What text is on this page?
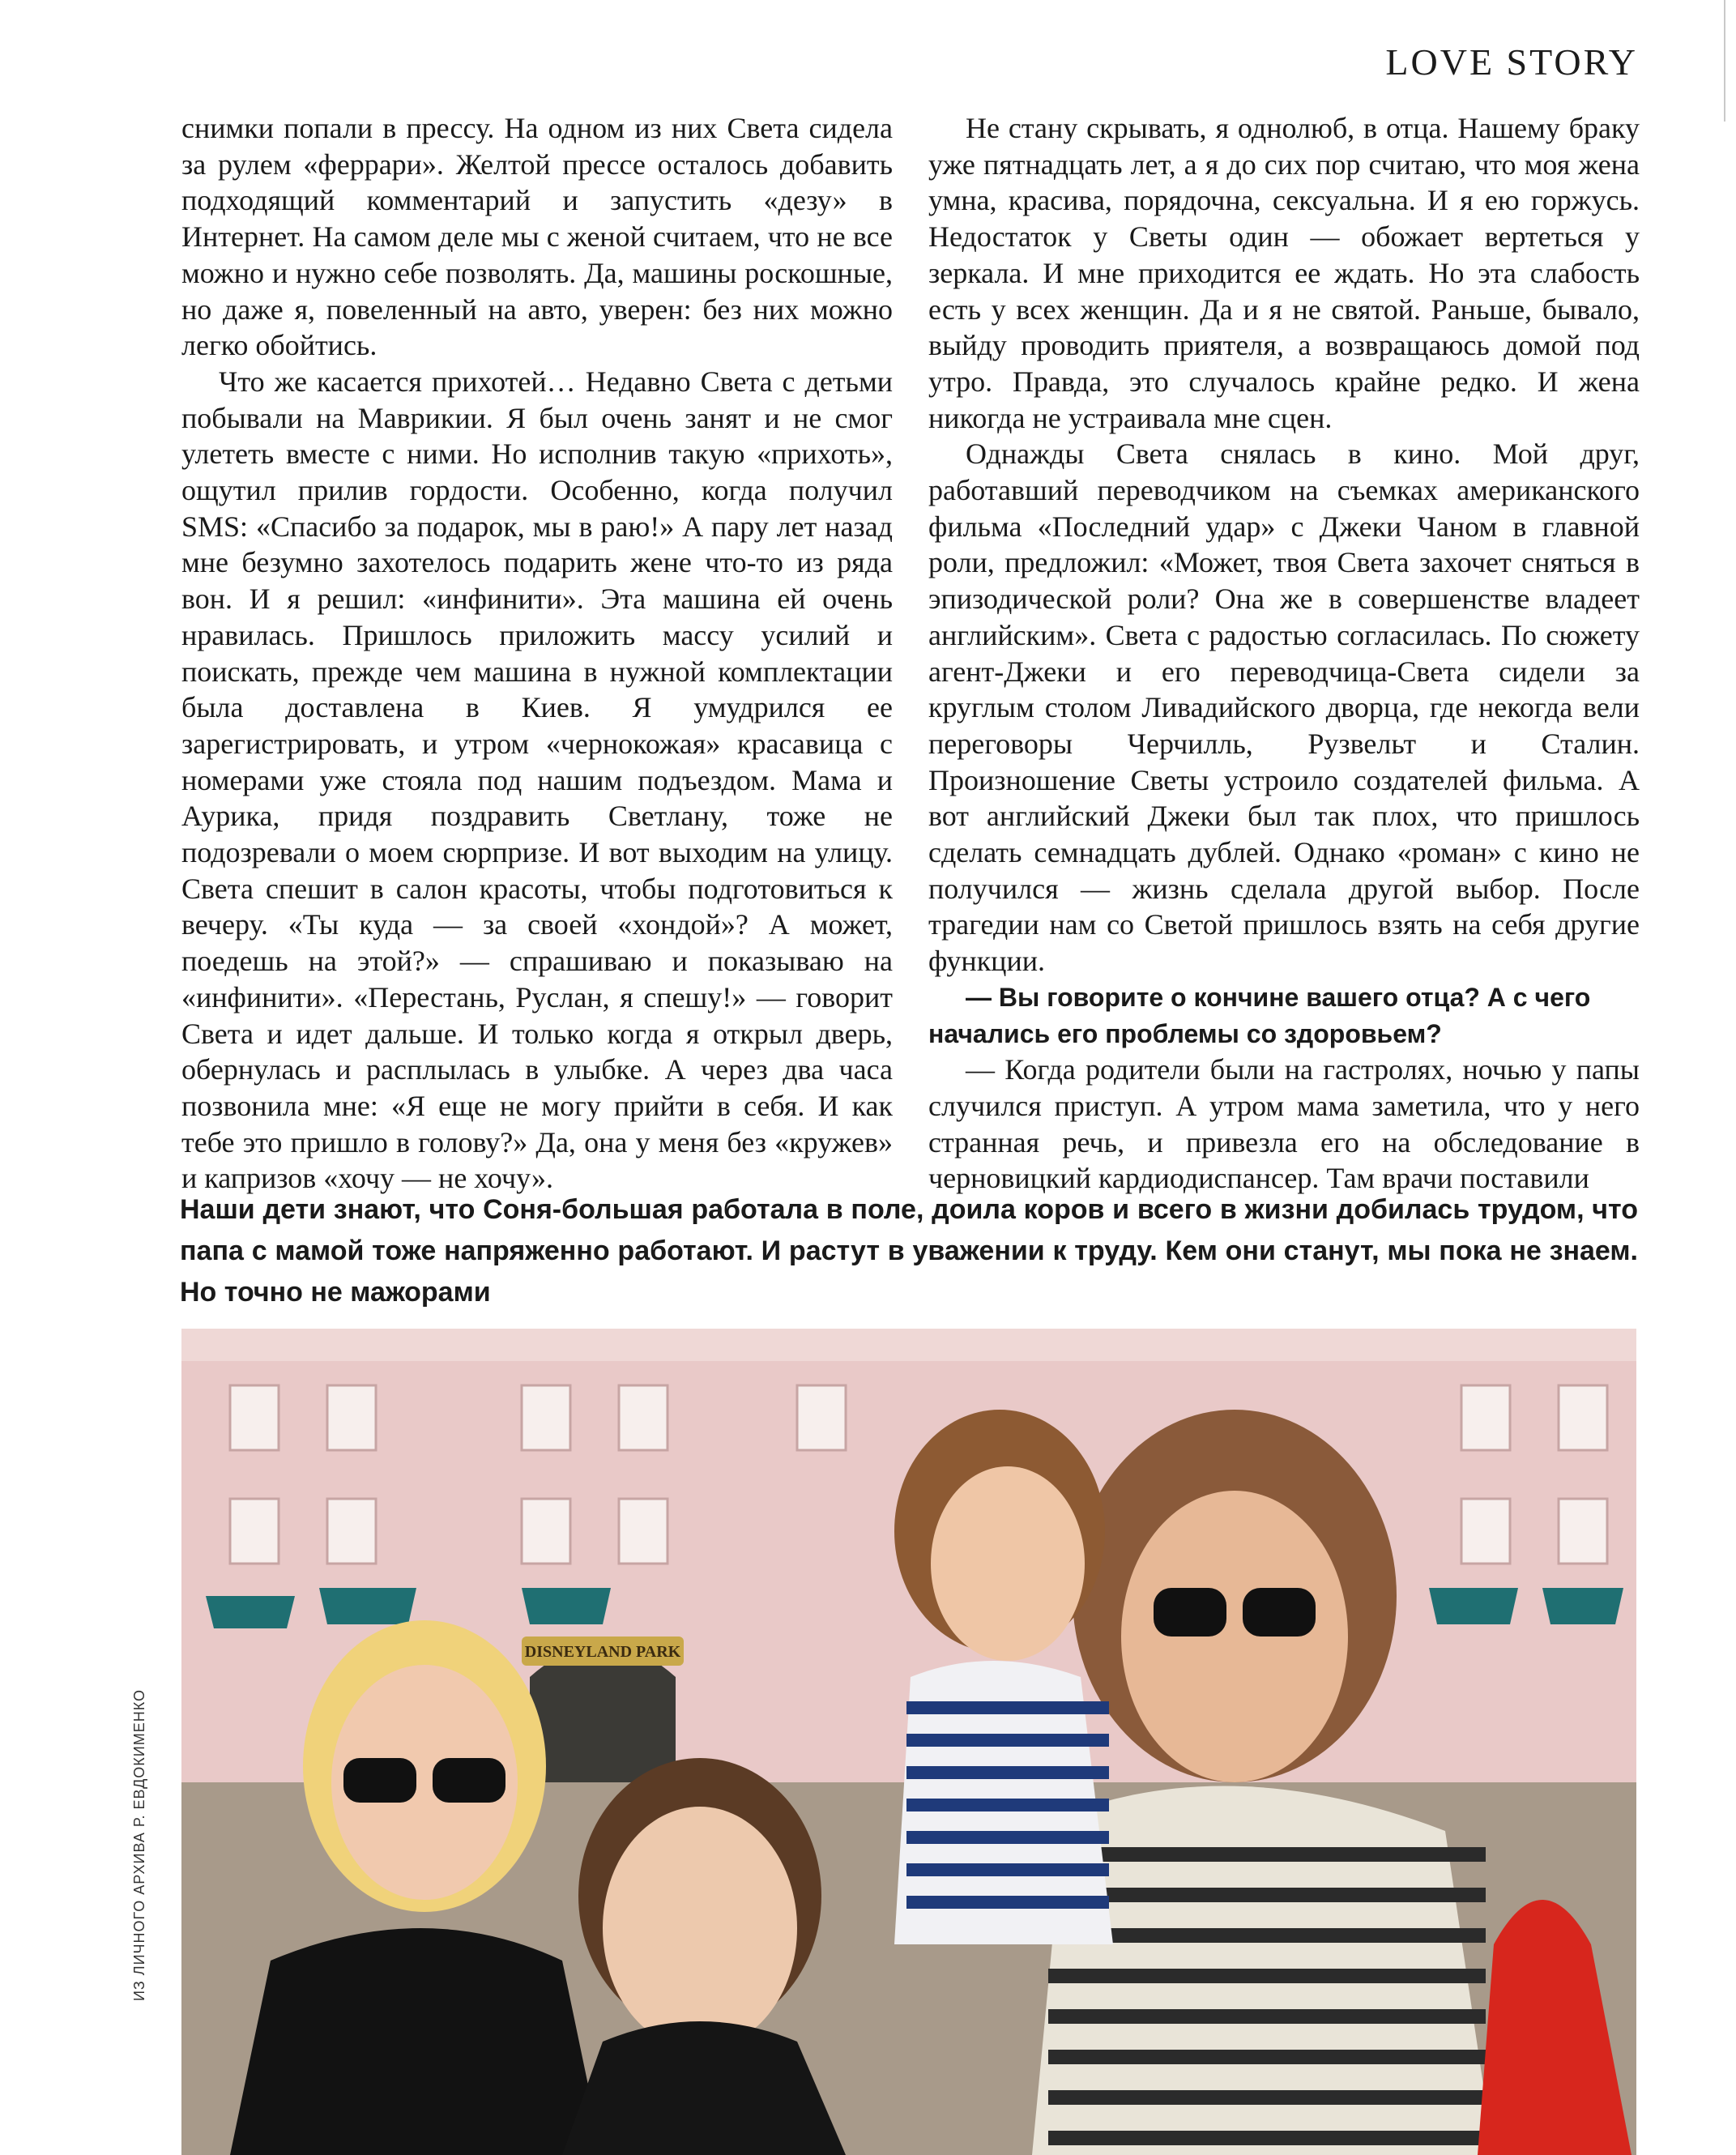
LOVE STORY

снимки попали в прессу. На одном из них Света сидела за рулем «феррари». Желтой прессе осталось добавить подходящий комментарий и запустить «дезу» в Интернет. На самом деле мы с женой считаем, что не все можно и нужно себе позволять. Да, машины роскошные, но даже я, повеленный на авто, уверен: без них можно легко обойтись.

Что же касается прихотей… Недавно Света с детьми побывали на Маврикии. Я был очень занят и не смог улететь вместе с ними. Но исполнив такую «прихоть», ощутил прилив гордости. Особенно, когда получил SMS: «Спасибо за подарок, мы в раю!» А пару лет назад мне безумно захотелось подарить жене что-то из ряда вон. И я решил: «инфинити». Эта машина ей очень нравилась. Пришлось приложить массу усилий и поискать, прежде чем машина в нужной комплектации была доставлена в Киев. Я умудрился ее зарегистрировать, и утром «чернокожая» красавица с номерами уже стояла под нашим подъездом. Мама и Аурика, придя поздравить Светлану, тоже не подозревали о моем сюрпризе. И вот выходим на улицу. Света спешит в салон красоты, чтобы подготовиться к вечеру. «Ты куда — за своей «хондой»? А может, поедешь на этой?» — спрашиваю и показываю на «инфинити». «Перестань, Руслан, я спешу!» — говорит Света и идет дальше. И только когда я открыл дверь, обернулась и расплылась в улыбке. А через два часа позвонила мне: «Я еще не могу прийти в себя. И как тебе это пришло в голову?» Да, она у меня без «кружев» и капризов «хочу — не хочу».

Не стану скрывать, я однолюб, в отца. Нашему браку уже пятнадцать лет, а я до сих пор считаю, что моя жена умна, красива, порядочна, сексуальна. И я ею горжусь. Недостаток у Светы один — обожает вертеться у зеркала. И мне приходится ее ждать. Но эта слабость есть у всех женщин. Да и я не святой. Раньше, бывало, выйду проводить приятеля, а возвращаюсь домой под утро. Правда, это случалось крайне редко. И жена никогда не устраивала мне сцен.

Однажды Света снялась в кино. Мой друг, работавший переводчиком на съемках американского фильма «Последний удар» с Джеки Чаном в главной роли, предложил: «Может, твоя Света захочет сняться в эпизодической роли? Она же в совершенстве владеет английским». Света с радостью согласилась. По сюжету агент-Джеки и его переводчица-Света сидели за круглым столом Ливадийского дворца, где некогда вели переговоры Черчилль, Рузвельт и Сталин. Произношение Светы устроило создателей фильма. А вот английский Джеки был так плох, что пришлось сделать семнадцать дублей. Однако «роман» с кино не получился — жизнь сделала другой выбор. После трагедии нам со Светой пришлось взять на себя другие функции.

— Вы говорите о кончине вашего отца? А с чего начались его проблемы со здоровьем?

— Когда родители были на гастролях, ночью у папы случился приступ. А утром мама заметила, что у него странная речь, и привезла его на обследование в черновицкий кардиодиспансер. Там врачи поставили

Наши дети знают, что Соня-большая работала в поле, доила коров и всего в жизни добилась трудом, что папа с мамой тоже напряженно работают. И растут в уважении к труду. Кем они станут, мы пока не знаем. Но точно не мажорами
ИЗ ЛИЧНОГО АРХИВА Р. ЕВДОКИМЕНКО
DISNEYLAND PARK
